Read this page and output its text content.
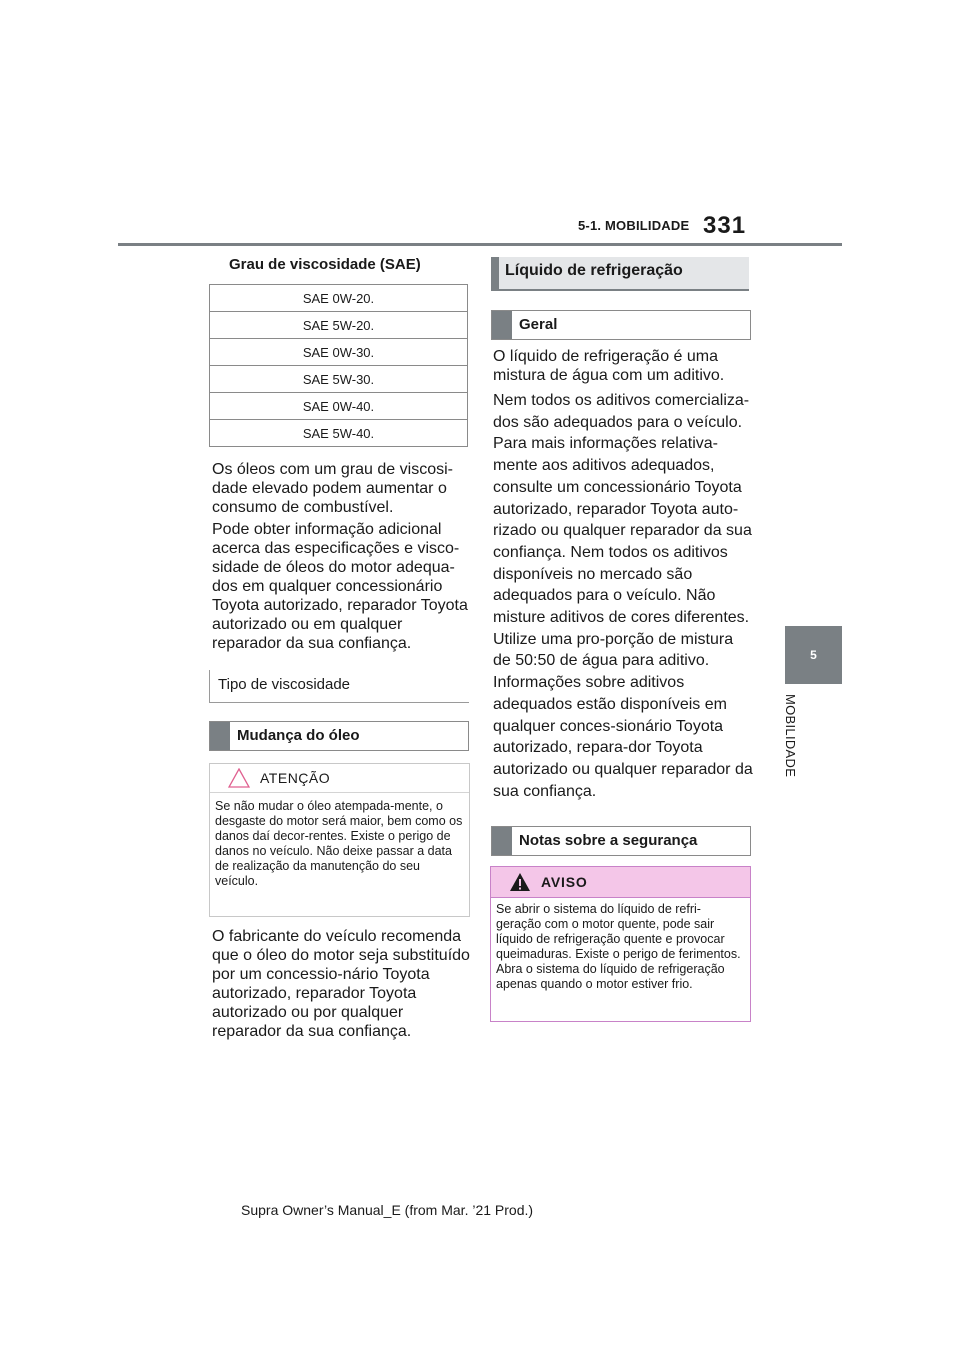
5-1. MOBILIDADE 331
5
MOBILIDADE
Grau de viscosidade (SAE)
SAE 0W-20.
SAE 5W-20.
SAE 0W-30.
SAE 5W-30.
SAE 0W-40.
SAE 5W-40.
Os óleos com um grau de viscosi-dade elevado podem aumentar o consumo de combustível.
Pode obter informação adicional acerca das especificações e visco-sidade de óleos do motor adequa-dos em qualquer concessionário Toyota autorizado, reparador Toyota autorizado ou em qualquer reparador da sua confiança.
Tipo de viscosidade
Mudança do óleo
ATENÇÃO
Se não mudar o óleo atempada-mente, o desgaste do motor será maior, bem como os danos daí decor-rentes. Existe o perigo de danos no veículo. Não deixe passar a data de realização da manutenção do seu veículo.
O fabricante do veículo recomenda que o óleo do motor seja substituído por um concessio-nário Toyota autorizado, reparador Toyota autorizado ou por qualquer reparador da sua confiança.
Líquido de refrigeração
Geral
O líquido de refrigeração é uma mistura de água com um aditivo.
Nem todos os aditivos comercializa-dos são adequados para o veículo. Para mais informações relativa-mente aos aditivos adequados, consulte um concessionário Toyota autorizado, reparador Toyota auto-rizado ou qualquer reparador da sua confiança. Nem todos os aditivos disponíveis no mercado são adequados para o veículo. Não misture aditivos de cores diferentes. Utilize uma pro-porção de mistura de 50:50 de água para aditivo. Informações sobre aditivos adequados estão disponíveis em qualquer conces-sionário Toyota autorizado, repara-dor Toyota autorizado ou qualquer reparador da sua confiança.
Notas sobre a segurança
AVISO
Se abrir o sistema do líquido de refri-geração com o motor quente, pode sair líquido de refrigeração quente e provocar queimaduras. Existe o perigo de ferimentos. Abra o sistema do líquido de refrigeração apenas quando o motor estiver frio.
Supra Owner’s Manual_E (from Mar. ’21 Prod.)
